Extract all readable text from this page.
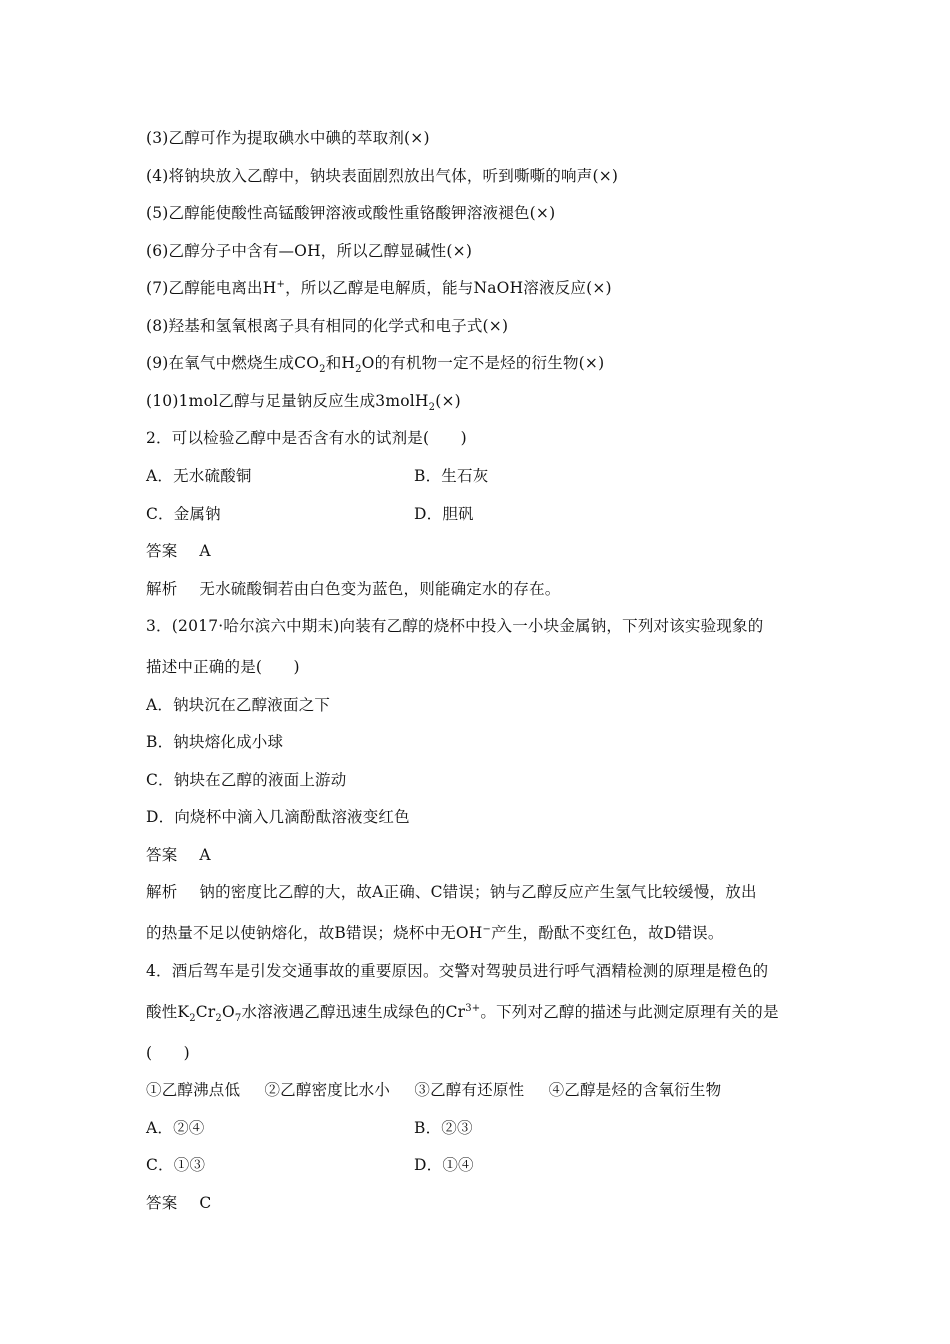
(3)乙醇可作为提取碘水中碘的萃取剂(×)
(4)将钠块放入乙醇中，钠块表面剧烈放出气体，听到嘶嘶的响声(×)
(5)乙醇能使酸性高锰酸钾溶液或酸性重铬酸钾溶液褪色(×)
(6)乙醇分子中含有—OH，所以乙醇显碱性(×)
(7)乙醇能电离出H+，所以乙醇是电解质，能与NaOH溶液反应(×)
(8)羟基和氢氧根离子具有相同的化学式和电子式(×)
(9)在氧气中燃烧生成$CO_2$和$H_2O$的有机物一定不是烃的衍生物(×)
(10)1mol乙醇与足量钠反应生成3molH$_2$(×)
2．可以检验乙醇中是否含有水的试剂是(　　)
A．无水硫酸铜	B．生石灰
C．金属钠	D．胆矾
答案 A
解析 无水硫酸铜若由白色变为蓝色，则能确定水的存在。
3．(2017·哈尔滨六中期末)向装有乙醇的烧杯中投入一小块金属钠，下列对该实验现象的
描述中正确的是(　　)
A．钠块沉在乙醇液面之下
B．钠块熔化成小球
C．钠块在乙醇的液面上游动
D．向烧杯中滴入几滴酚酞溶液变红色
答案 A
解析 钠的密度比乙醇的大，故A正确、C错误；钠与乙醇反应产生氢气比较缓慢，放出
的热量不足以使钠熔化，故B错误；烧杯中无OH−产生，酚酞不变红色，故D错误。
4．酒后驾车是引发交通事故的重要原因。交警对驾驶员进行呼气酒精检测的原理是橙色的
酸性$K_2Cr_2O_7$水溶液遇乙醇迅速生成绿色的$Cr^{3+}$。下列对乙醇的描述与此测定原理有关的是
(　　)
①乙醇沸点低 ②乙醇密度比水小 ③乙醇有还原性 ④乙醇是烃的含氧衍生物
A．②④	B．②③
C．①③	D．①④
答案 C
